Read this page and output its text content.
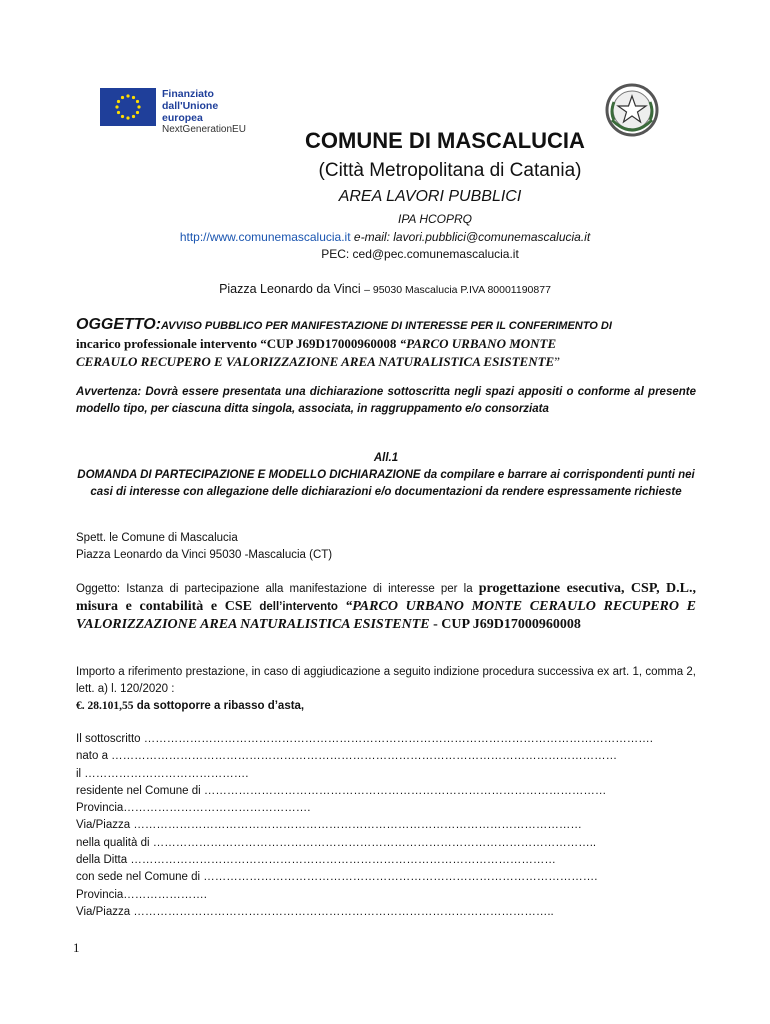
Finanziato
dall'Unione europea
NextGenerationEU	COMUNE DI MASCALUCIA
(Città Metropolitana di Catania)
AREA LAVORI PUBBLICI
IPA HCOPRQ
http://www.comunemascalucia.it e-mail: lavori.pubblici@comunemascalucia.it
PEC: ced@pec.comunemascalucia.it
Piazza Leonardo da Vinci – 95030 Mascalucia P.IVA 80001190877
OGGETTO:AVVISO PUBBLICO PER MANIFESTAZIONE DI INTERESSE PER IL CONFERIMENTO DI
incarico professionale intervento “CUP J69D17000960008 “PARCO URBANO MONTE
CERAULO RECUPERO E VALORIZZAZIONE AREA NATURALISTICA ESISTENTE”
Avvertenza: Dovrà essere presentata una dichiarazione sottoscritta negli spazi appositi o conforme al presente modello tipo, per ciascuna ditta singola, associata, in raggruppamento e/o consorziata
All.1
DOMANDA DI PARTECIPAZIONE E MODELLO DICHIARAZIONE da compilare e barrare ai corrispondenti punti nei casi di interesse con allegazione delle dichiarazioni e/o documentazioni da rendere espressamente richieste
Spett. le Comune di Mascalucia
Piazza Leonardo da Vinci 95030 -Mascalucia (CT)
Oggetto: Istanza di partecipazione alla manifestazione di interesse per la progettazione esecutiva, CSP, D.L., misura e contabilità e CSE dell’intervento “PARCO URBANO MONTE CERAULO RECUPERO E VALORIZZAZIONE AREA NATURALISTICA ESISTENTE - CUP J69D17000960008
Importo a riferimento prestazione, in caso di aggiudicazione a seguito indizione procedura successiva ex art. 1, comma 2, lett. a) l. 120/2020 :
€. 28.101,55 da sottoporre a ribasso d’asta,
Il sottoscritto …………………………………………………………………………………………………………………….
nato a ……………………………………………………………………………………………………………………
il …………………………………….
residente nel Comune di ……………………………………………………………………………………………
Provincia………………………………………….
Via/Piazza ………………………………………………………………………………………………………
nella qualità di ……………………………………………………………………………………………………..
della Ditta …………………………………………………………………………………………………
con sede nel Comune di ………………………………………………………………………………………….
Provincia………………….
Via/Piazza ………………………………………………………………………………………………..
1
